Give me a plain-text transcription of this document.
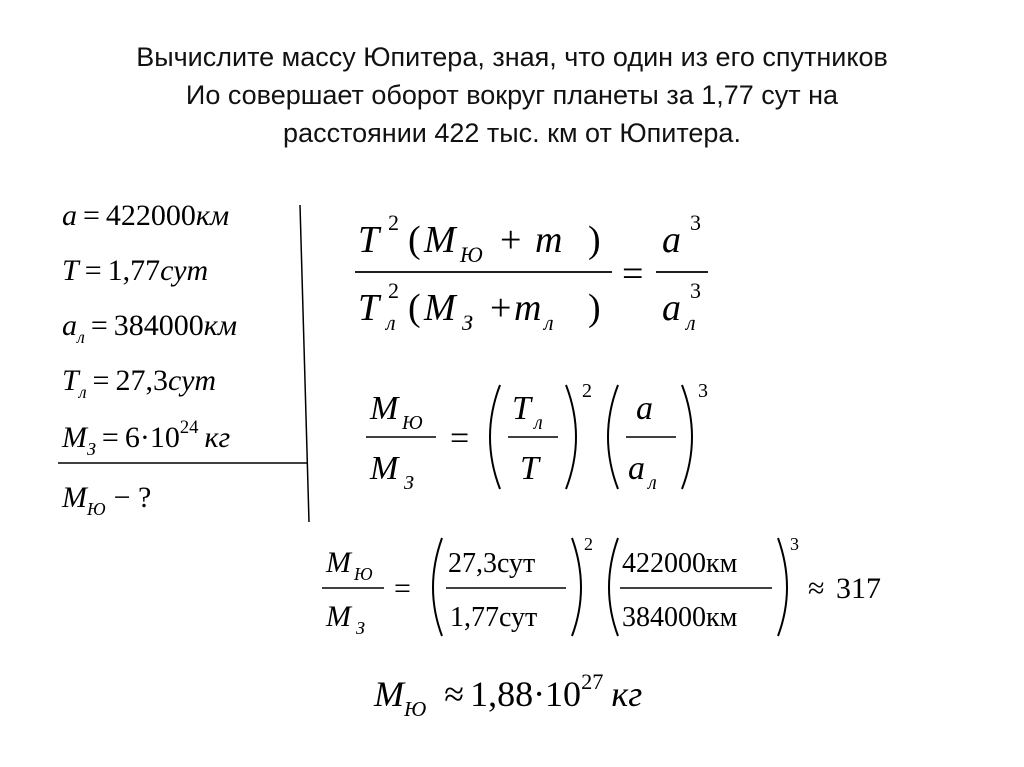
Вычислите массу Юпитера, зная, что один из его спутников
Ио совершает оборот вокруг планеты за 1,77 сут на
расстоянии 422 тыс. км от Юпитера.
a = 422000км
T = 1,77сут
$a_л = 384000км$
$T_л = 27,3сут$
$M_З = 6\cdot 10^{24}$ кг
$M_Ю$ − ?
T 2 ( M Ю + m )
T 2
л ( M З + m л )
=
a 3
a 3
л
M Ю
M З
=
T л
T
2 a
a л
3
M Ю
M З
=
27,3сут
1,77сут
2
422000км
384000км
3
≈ 317
$M_Ю \approx 1,88\cdot 10^{27}$ кг
